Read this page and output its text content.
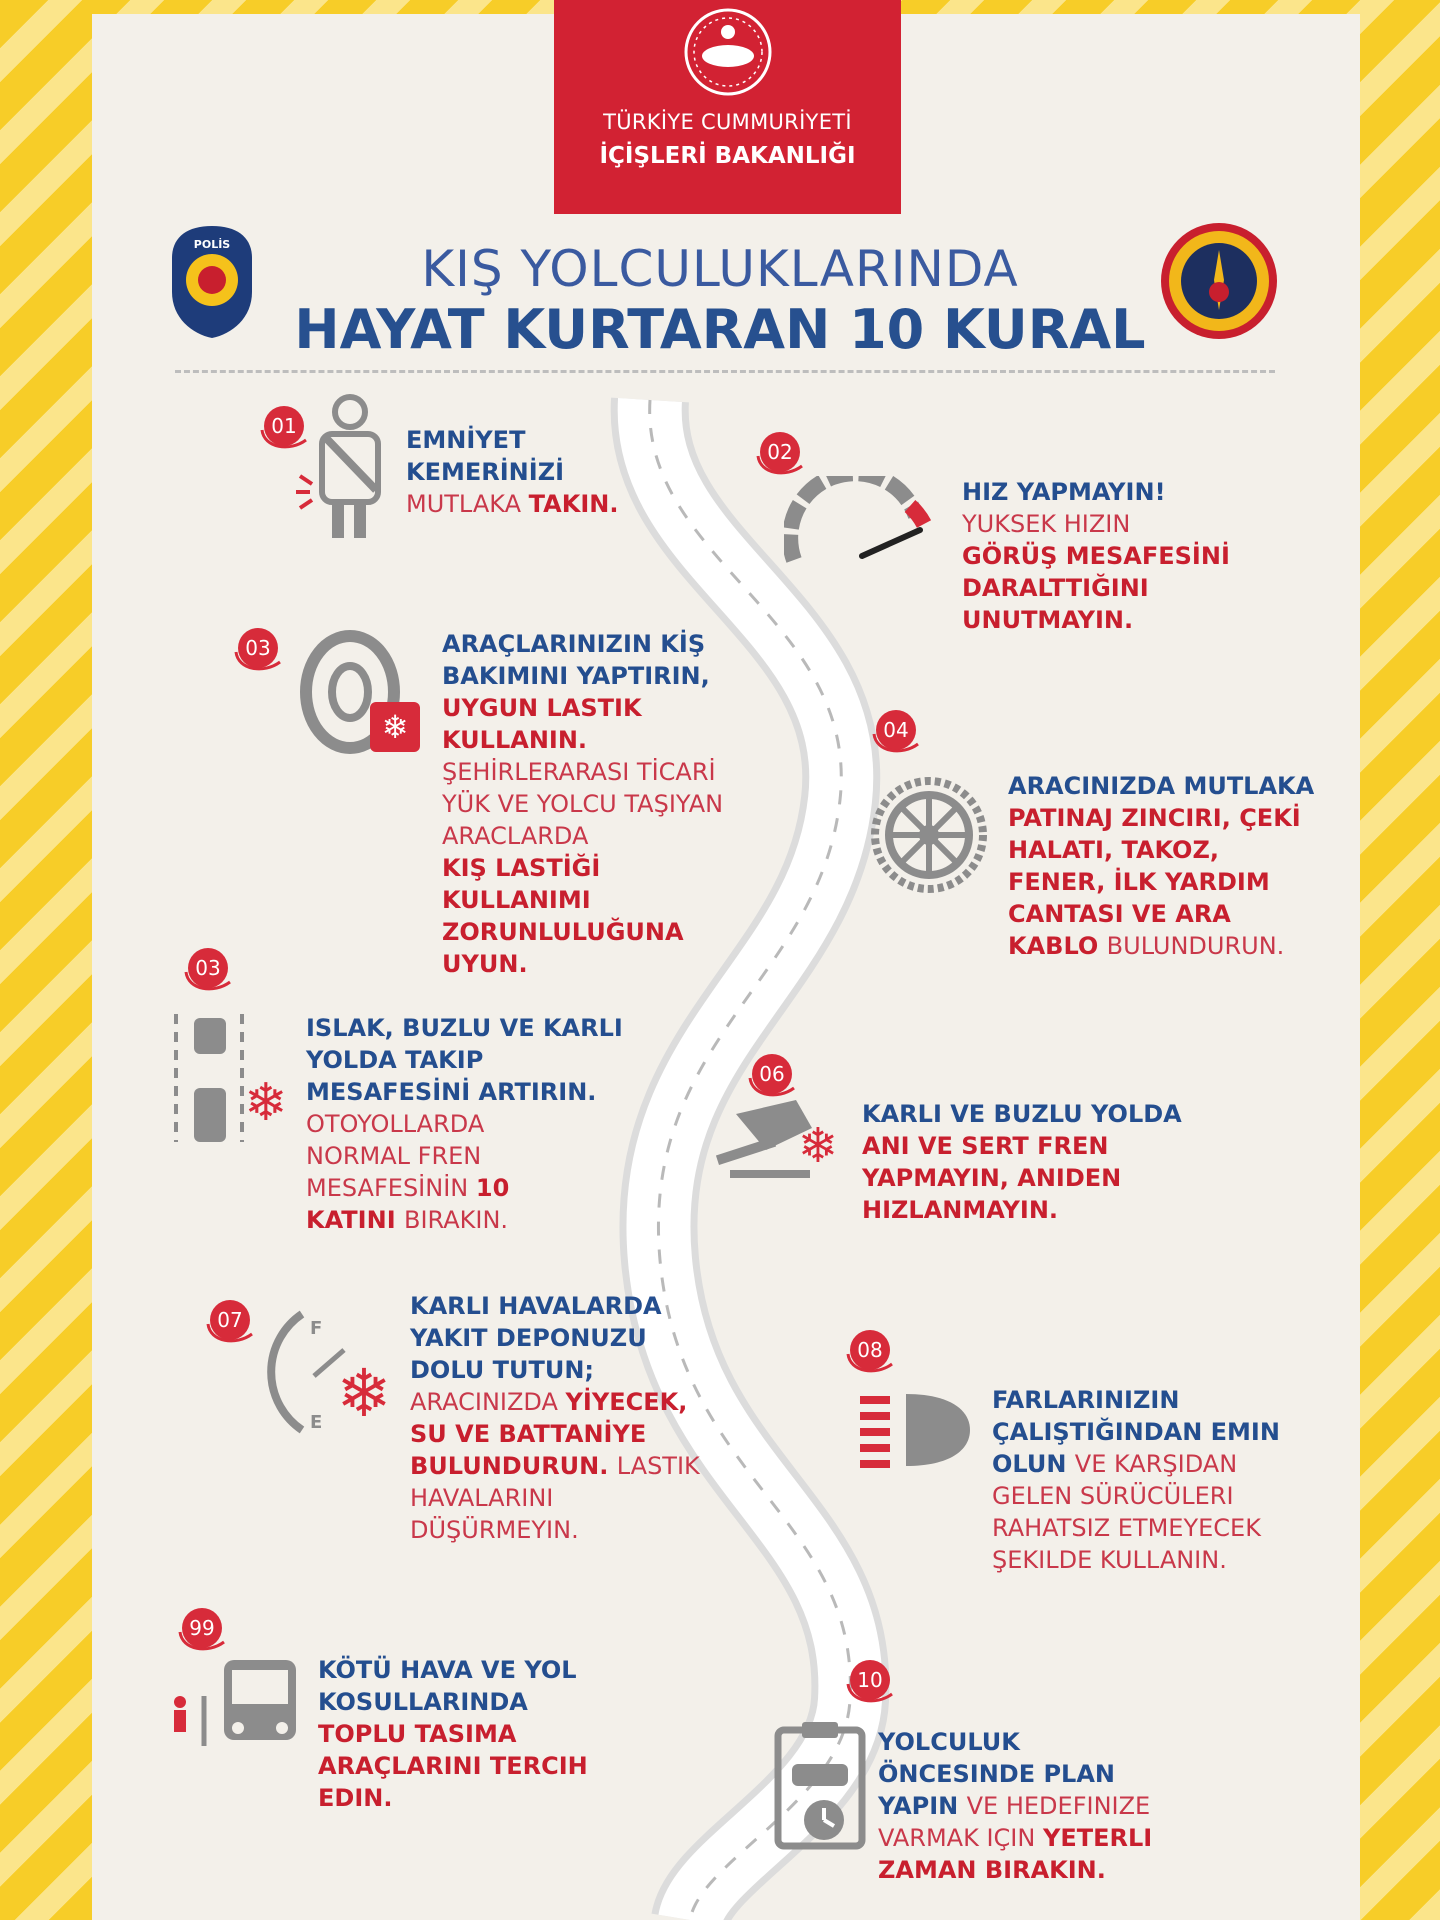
TÜRKİYE CUMMURİYETİ
İÇİŞLERİ BAKANLIĞI
POLİS	KIŞ YOLCULUKLARINDA
HAYAT KURTARAN 10 KURAL
01
02
03
04
03
06
07
08
99
10
❄
❄
❄
F
E ❄
EMNİYET
KEMERİNİZİ
MUTLAKA TAKIN.	HIZ YAPMAYIN!
YUKSEK HIZIN
GÖRÜŞ MESAFESİNİ
DARALTTIĞINI
UNUTMAYIN.
ARAÇLARINIZIN KİŞ
BAKIMINI YAPTIRIN,
UYGUN LASTIK
KULLANIN.
ŞEHİRLERARASI TİCARİ
YÜK VE YOLCU TAŞIYAN
ARACLARDA
KIŞ LASTİĞİ
KULLANIMI
ZORUNLULUĞUNA
UYUN.
ARACINIZDA MUTLAKA
PATINAJ ZINCIRI, ÇEKİ
HALATI, TAKOZ,
FENER, İLK YARDIM
CANTASI VE ARA
KABLO BULUNDURUN.
ISLAK, BUZLU VE KARLI
YOLDA TAKIP
MESAFESİNİ ARTIRIN.
OTOYOLLARDA
NORMAL FREN
MESAFESİNİN 10
KATINI BIRAKIN.
KARLI VE BUZLU YOLDA
ANI VE SERT FREN
YAPMAYIN, ANIDEN
HIZLANMAYIN.
KARLI HAVALARDA
YAKIT DEPONUZU
DOLU TUTUN;
ARACINIZDA YİYECEK,
SU VE BATTANİYE
BULUNDURUN. LASTIK
HAVALARINI
DÜŞÜRMEYIN.
FARLARINIZIN
ÇALIŞTIĞINDAN EMIN
OLUN VE KARŞIDAN
GELEN SÜRÜCÜLERI
RAHATSIZ ETMEYECEK
ŞEKILDE KULLANIN.
KÖTÜ HAVA VE YOL
KOSULLARINDA
TOPLU TASIMA
ARAÇLARINI TERCIH
EDIN.
YOLCULUK
ÖNCESINDE PLAN
YAPIN VE HEDEFINIZE
VARMAK IÇIN YETERLI
ZAMAN BIRAKIN.
